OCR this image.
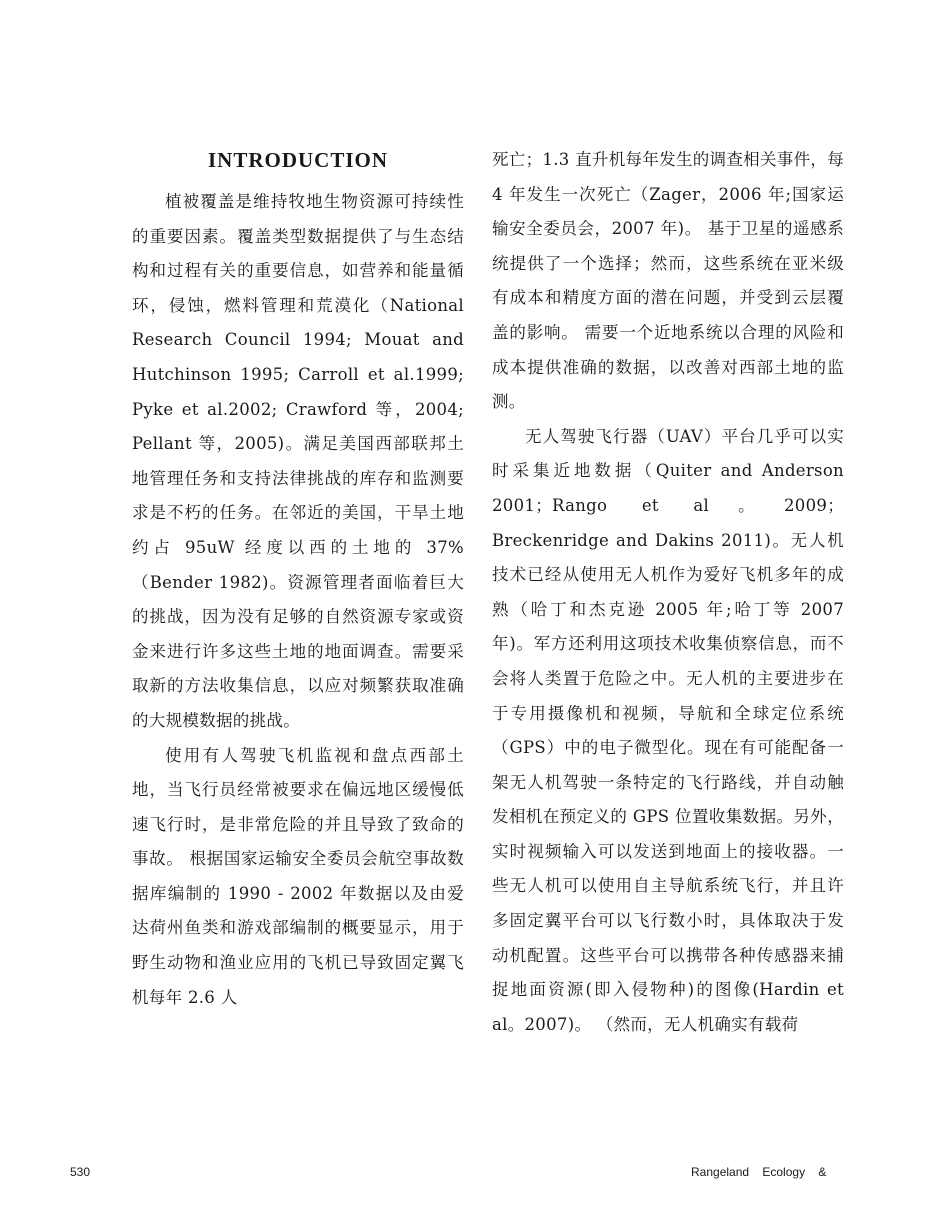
INTRODUCTION

植被覆盖是维持牧地生物资源可持续性的重要因素。覆盖类型数据提供了与生态结构和过程有关的重要信息，如营养和能量循环，侵蚀，燃料管理和荒漠化（National Research Council 1994; Mouat and Hutchinson 1995; Carroll et al.1999; Pyke et al.2002; Crawford 等，2004; Pellant 等，2005)。满足美国西部联邦土地管理任务和支持法律挑战的库存和监测要求是不朽的任务。在邻近的美国，干旱土地约占 95uW 经度以西的土地的 37%（Bender 1982)。资源管理者面临着巨大的挑战，因为没有足够的自然资源专家或资金来进行许多这些土地的地面调查。需要采取新的方法收集信息，以应对频繁获取准确的大规模数据的挑战。

使用有人驾驶飞机监视和盘点西部土地，当飞行员经常被要求在偏远地区缓慢低速飞行时，是非常危险的并且导致了致命的事故。 根据国家运输安全委员会航空事故数据库编制的 1990 - 2002 年数据以及由爱达荷州鱼类和游戏部编制的概要显示，用于野生动物和渔业应用的飞机已导致固定翼飞机每年 2.6 人

死亡；1.3 直升机每年发生的调查相关事件，每 4 年发生一次死亡（Zager，2006 年;国家运输安全委员会，2007 年)。 基于卫星的遥感系统提供了一个选择；然而，这些系统在亚米级有成本和精度方面的潜在问题，并受到云层覆盖的影响。 需要一个近地系统以合理的风险和成本提供准确的数据，以改善对西部土地的监测。

无人驾驶飞行器（UAV）平台几乎可以实时采集近地数据（Quiter and Anderson 2001；Rango et al。2009；Breckenridge and Dakins 2011)。无人机技术已经从使用无人机作为爱好飞机多年的成熟（哈丁和杰克逊 2005 年;哈丁等 2007 年)。军方还利用这项技术收集侦察信息，而不会将人类置于危险之中。无人机的主要进步在于专用摄像机和视频，导航和全球定位系统（GPS）中的电子微型化。现在有可能配备一架无人机驾驶一条特定的飞行路线，并自动触发相机在预定义的 GPS 位置收集数据。另外，实时视频输入可以发送到地面上的接收器。一些无人机可以使用自主导航系统飞行，并且许多固定翼平台可以飞行数小时，具体取决于发动机配置。这些平台可以携带各种传感器来捕捉地面资源(即入侵物种)的图像(Hardin et al。2007)。 （然而，无人机确实有载荷

530	Rangeland Ecology &
